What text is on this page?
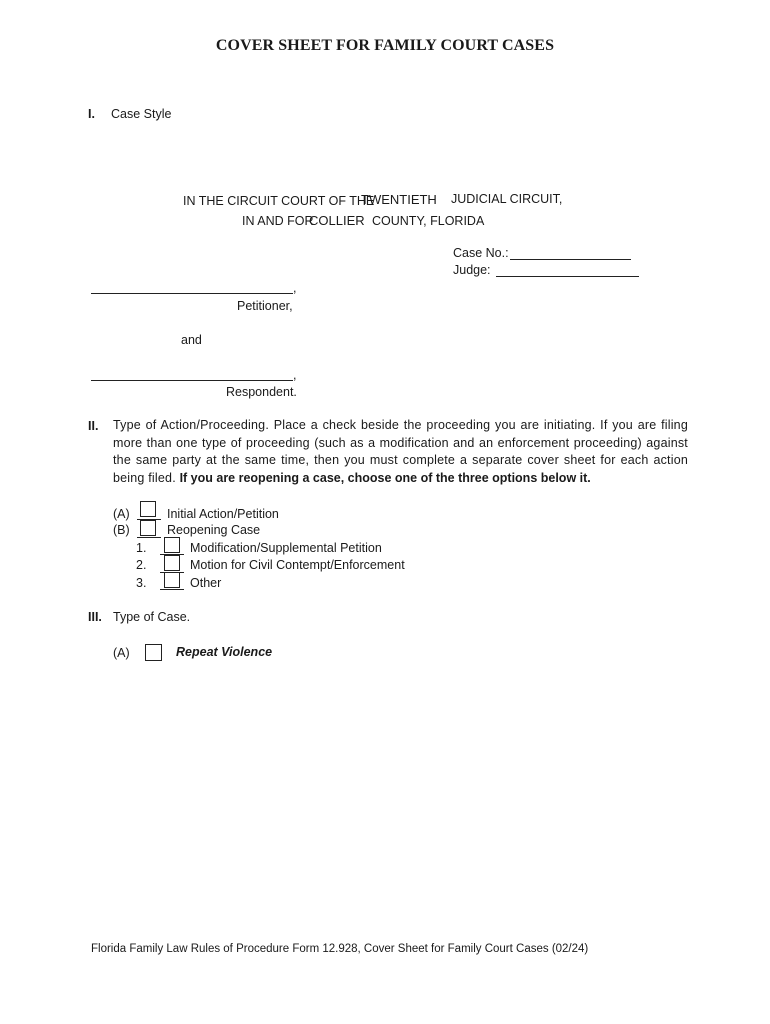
COVER SHEET FOR FAMILY COURT CASES
I. Case Style
IN THE CIRCUIT COURT OF THE
TWENTIETH JUDICIAL CIRCUIT,
IN AND FOR
COLLIER COUNTY, FLORIDA
Case No.:
Judge:
,
Petitioner,
and
,
Respondent.
II. Type of Action/Proceeding. Place a check beside the proceeding you are initiating. If you are filing more than one type of proceeding (such as a modification and an enforcement proceeding) against the same party at the same time, then you must complete a separate cover sheet for each action being filed. If you are reopening a case, choose one of the three options below it.
(A)	Initial Action/Petition
(B)	Reopening Case
1.	Modification/Supplemental Petition
2.	Motion for Civil Contempt/Enforcement
3.	Other
III. Type of Case.
(A)	Repeat Violence
Florida Family Law Rules of Procedure Form 12.928, Cover Sheet for Family Court Cases (02/24)
